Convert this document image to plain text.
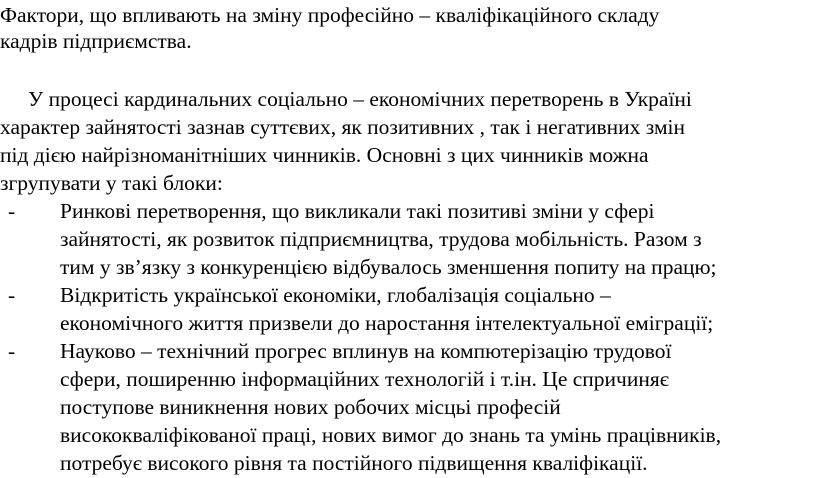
Фактори, що впливають на зміну професійно – кваліфікаційного складу
кадрів підприємства.
У процесі кардинальних соціально – економічних перетворень в Україні
характер зайнятості зазнав суттєвих, як позитивних , так і негативних змін
під дією найрізноманітніших чинників. Основні з цих чинників можна
згрупувати у такі блоки:
- Ринкові перетворення, що викликали такі позитиві зміни у сфері
зайнятості, як розвиток підприємництва, трудова мобільність. Разом з
тим у зв’язку з конкуренцією відбувалось зменшення попиту на працю;
- Відкритість української економіки, глобалізація соціально –
економічного життя призвели до наростання інтелектуальної еміграції;
- Науково – технічний прогрес вплинув на компютерізацію трудової
сфери, поширенню інформаційних технологій і т.ін. Це спричиняє
поступове виникнення нових робочих місцьі професій
висококваліфікованої праці, нових вимог до знань та умінь працівників,
потребує високого рівня та постійного підвищення кваліфікації.
